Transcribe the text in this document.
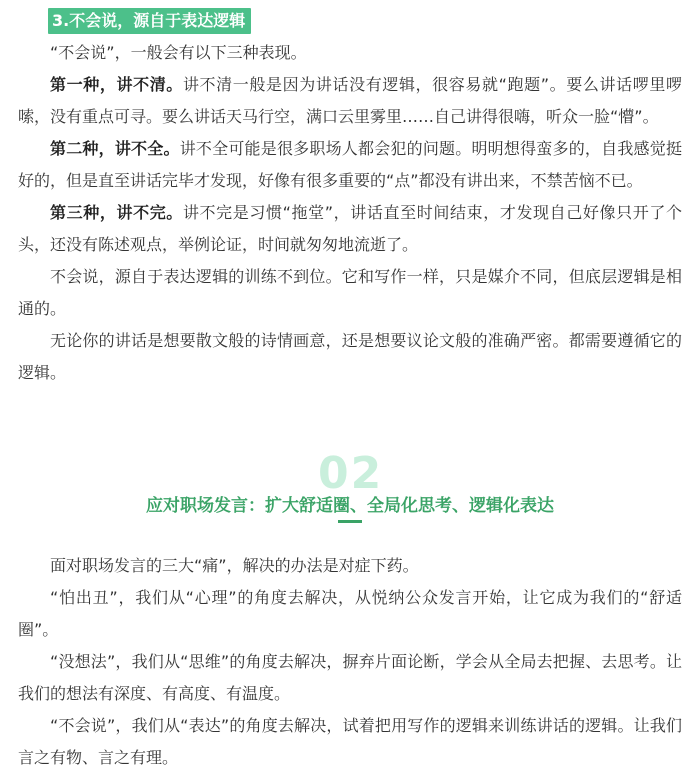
3.不会说，源自于表达逻辑

“不会说”，一般会有以下三种表现。

第一种，讲不清。讲不清一般是因为讲话没有逻辑，很容易就“跑题”。要么讲话啰里啰嗦，没有重点可寻。要么讲话天马行空，满口云里雾里……自己讲得很嗨，听众一脸“懵”。

第二种，讲不全。讲不全可能是很多职场人都会犯的问题。明明想得蛮多的，自我感觉挺好的，但是直至讲话完毕才发现，好像有很多重要的“点”都没有讲出来，不禁苦恼不已。

第三种，讲不完。讲不完是习惯“拖堂”，讲话直至时间结束，才发现自己好像只开了个头，还没有陈述观点，举例论证，时间就匆匆地流逝了。

不会说，源自于表达逻辑的训练不到位。它和写作一样，只是媒介不同，但底层逻辑是相通的。

无论你的讲话是想要散文般的诗情画意，还是想要议论文般的准确严密。都需要遵循它的逻辑。

02
应对职场发言：扩大舒适圈、全局化思考、逻辑化表达

面对职场发言的三大“痛”，解决的办法是对症下药。

“怕出丑”，我们从“心理”的角度去解决，从悦纳公众发言开始，让它成为我们的“舒适圈”。

“没想法”，我们从“思维”的角度去解决，摒弃片面论断，学会从全局去把握、去思考。让我们的想法有深度、有高度、有温度。

“不会说”，我们从“表达”的角度去解决，试着把用写作的逻辑来训练讲话的逻辑。让我们言之有物、言之有理。
